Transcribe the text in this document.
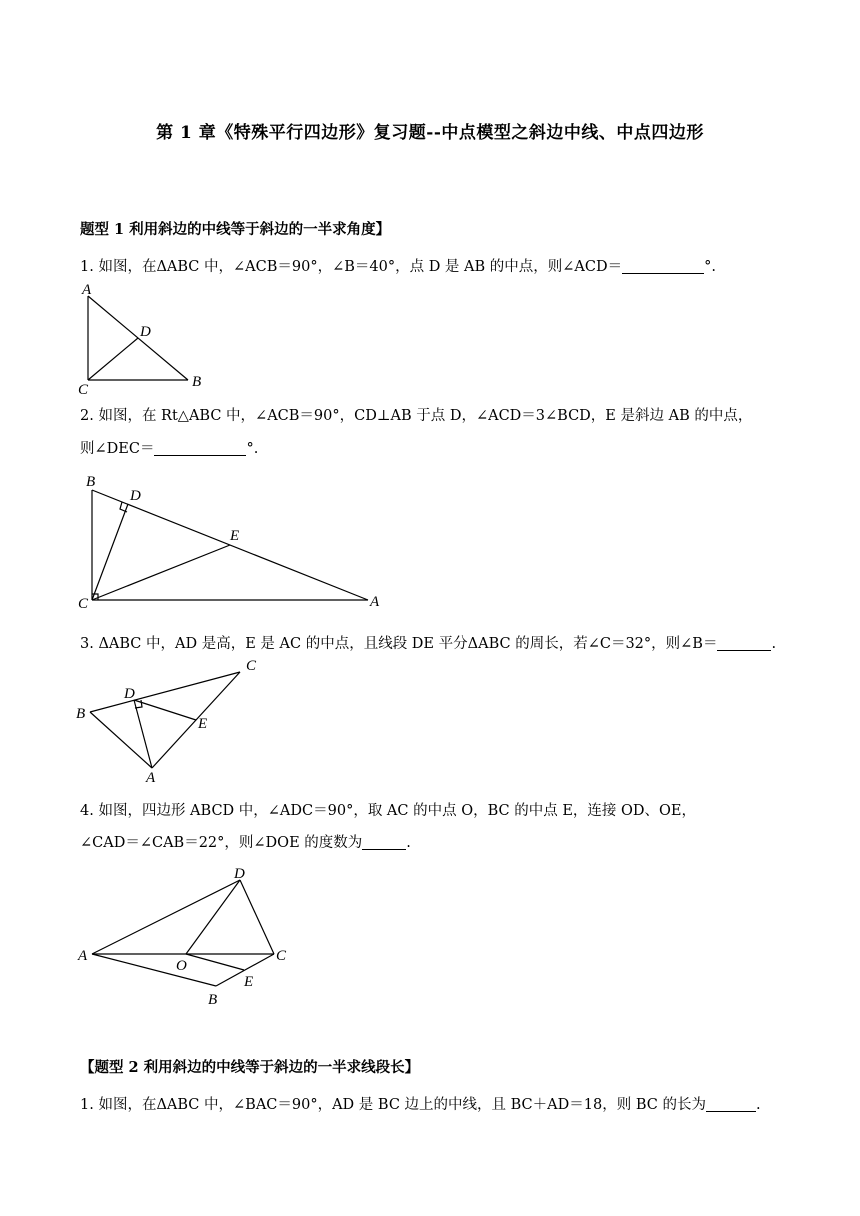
第 1 章《特殊平行四边形》复习题--中点模型之斜边中线、中点四边形
题型 1 利用斜边的中线等于斜边的一半求角度】
1. 如图，在ΔABC 中，∠ACB＝90°，∠B＝40°，点 D 是 AB 的中点，则∠ACD＝	°.
A
B
C
D
2. 如图，在 Rt△ABC 中，∠ACB＝90°，CD⊥AB 于点 D，∠ACD＝3∠BCD，E 是斜边 AB 的中点，
则∠DEC＝	°.
B
D
E
C	A
3. ΔABC 中，AD 是高，E 是 AC 的中点，且线段 DE 平分ΔABC 的周长，若∠C＝32°，则∠B＝	.
C
D
B
E
A
4. 如图，四边形 ABCD 中，∠ADC＝90°，取 AC 的中点 O，BC 的中点 E，连接 OD、OE，
∠CAD＝∠CAB＝22°，则∠DOE 的度数为	.
D
A
O
C
E
B
【题型 2 利用斜边的中线等于斜边的一半求线段长】
1. 如图，在ΔABC 中，∠BAC＝90°，AD 是 BC 边上的中线，且 BC＋AD＝18，则 BC 的长为	.
